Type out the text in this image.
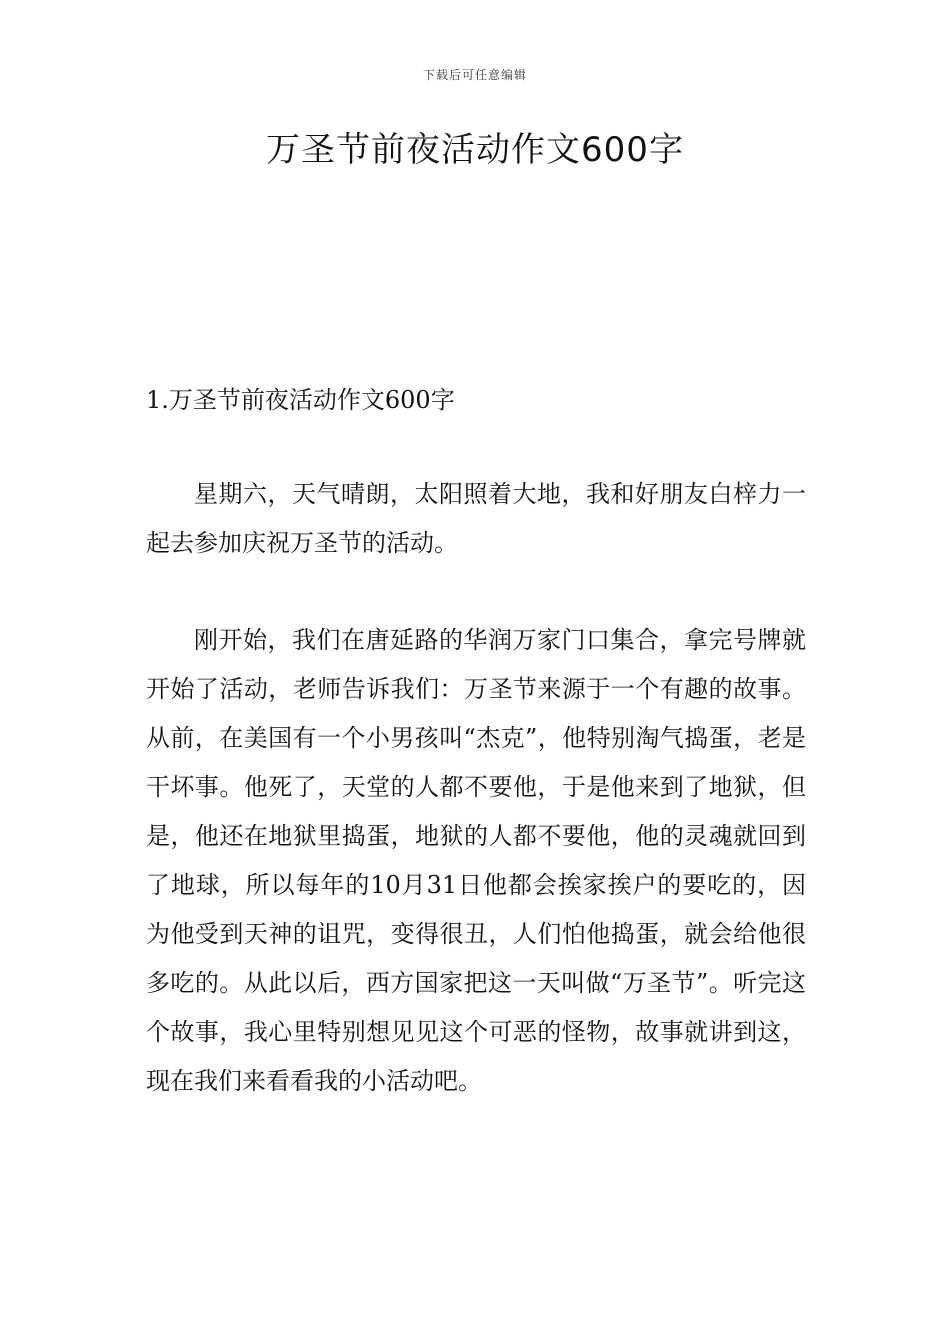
下载后可任意编辑
万圣节前夜活动作文600字
1.万圣节前夜活动作文600字

星期六，天气晴朗，太阳照着大地，我和好朋友白梓力一起去参加庆祝万圣节的活动。

刚开始，我们在唐延路的华润万家门口集合，拿完号牌就开始了活动，老师告诉我们：万圣节来源于一个有趣的故事。从前，在美国有一个小男孩叫“杰克”，他特别淘气捣蛋，老是干坏事。他死了，天堂的人都不要他，于是他来到了地狱，但是，他还在地狱里捣蛋，地狱的人都不要他，他的灵魂就回到了地球，所以每年的10月31日他都会挨家挨户的要吃的，因为他受到天神的诅咒，变得很丑，人们怕他捣蛋，就会给他很多吃的。从此以后，西方国家把这一天叫做“万圣节”。听完这个故事，我心里特别想见见这个可恶的怪物，故事就讲到这，现在我们来看看我的小活动吧。
